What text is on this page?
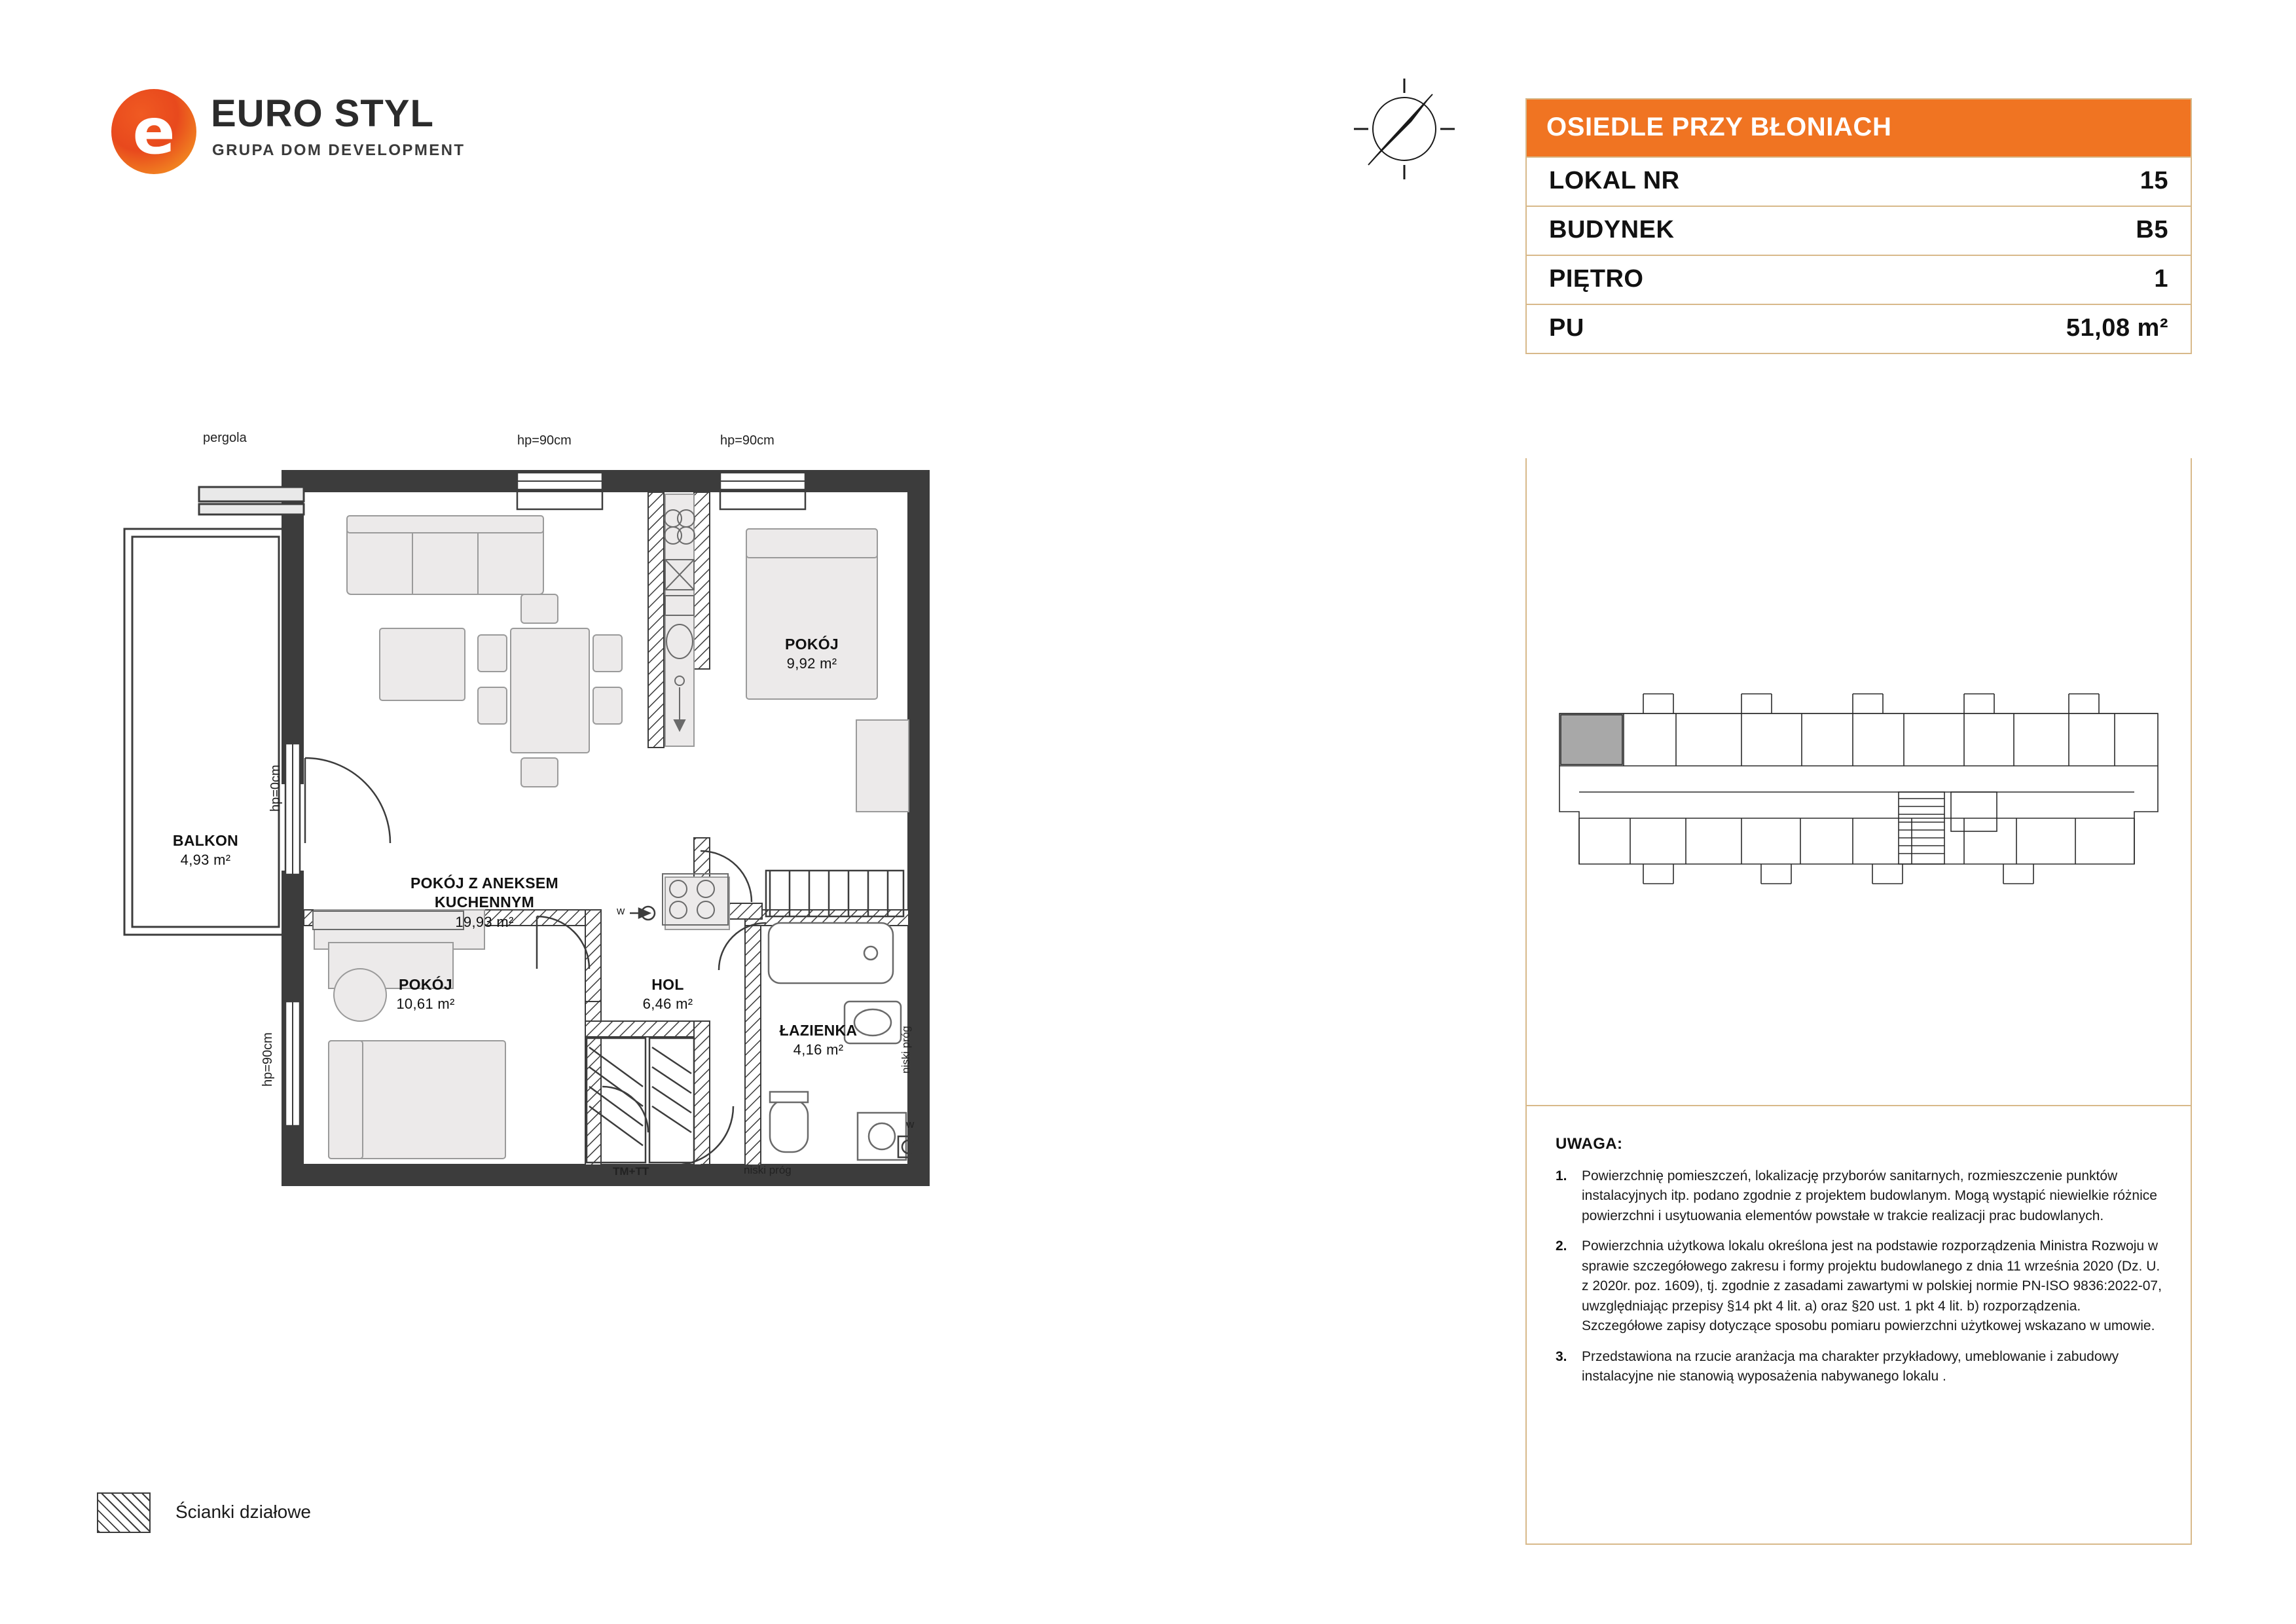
e EURO STYL
GRUPA DOM DEVELOPMENT
OSIEDLE PRZY BŁONIACH
LOKAL NR	15
BUDYNEK	B5
PIĘTRO	1
PU	51,08 m²
UWAGA:
1.	Powierzchnię pomieszczeń, lokalizację przyborów sanitarnych, rozmieszczenie punktów instalacyjnych itp. podano zgodnie z projektem budowlanym. Mogą wystąpić niewielkie różnice powierzchni i usytuowania elementów powstałe w trakcie realizacji prac budowlanych.
2.	Powierzchnia użytkowa lokalu określona jest na podstawie rozporządzenia Ministra Rozwoju w sprawie szczegółowego zakresu i formy projektu budowlanego z dnia 11 września 2020 (Dz. U. z 2020r. poz. 1609), tj. zgodnie z zasadami zawartymi w polskiej normie PN-ISO 9836:2022-07, uwzględniając przepisy §14 pkt 4 lit. a) oraz §20 ust. 1 pkt 4 lit. b) rozporządzenia. Szczegółowe zapisy dotyczące sposobu pomiaru powierzchni użytkowej wskazano w umowie.
3.	Przedstawiona na rzucie aranżacja ma charakter przykładowy, umeblowanie i zabudowy instalacyjne nie stanowią wyposażenia nabywanego lokalu .
Ścianki działowe
BALKON
4,93 m²
POKÓJ Z ANEKSEM KUCHENNYM
19,93 m²
POKÓJ
9,92 m²
POKÓJ
10,61 m²
HOL
6,46 m²
ŁAZIENKA
4,16 m²
pergola	hp=90cm	hp=90cm
hp=0cm
hp=90cm
TM+TT	niski próg
niski próg
w
w
